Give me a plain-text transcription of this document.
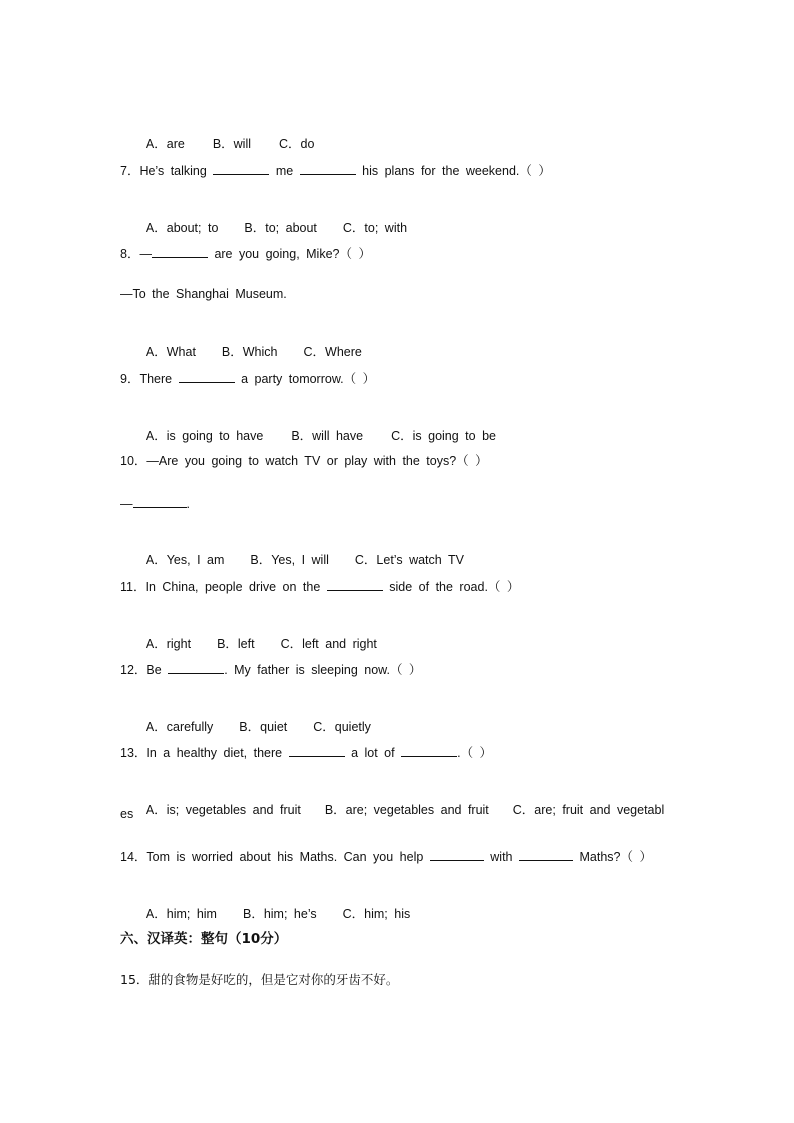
A．are B．will C．do

7．He’s talking	me	his plans for the weekend.（ ）

A．about; to B．to; about C．to; with

8．—	are you going, Mike?（ ）
—To the Shanghai Museum.

A．What B．Which C．Where

9．There	a party tomorrow.（ ）

A．is going to have B．will have C．is going to be

10．—Are you going to watch TV or play with the toys?（ ）
—	.

A．Yes, I am B．Yes, I will C．Let’s watch TV

11．In China, people drive on the	side of the road.（ ）

A．right B．left C．left and right

12．Be	. My father is sleeping now.（ ）

A．carefully B．quiet C．quietly

13．In a healthy diet, there	a lot of	.（ ）

A．is; vegetables and fruit B．are; vegetables and fruit C．are; fruit and vegetabl

es
14．Tom is worried about his Maths. Can you help	with	Maths?（ ）

A．him; him B．him; he’s C．him; his

六、汉译英：整句（10分）
15．甜的食物是好吃的，但是它对你的牙齿不好。
